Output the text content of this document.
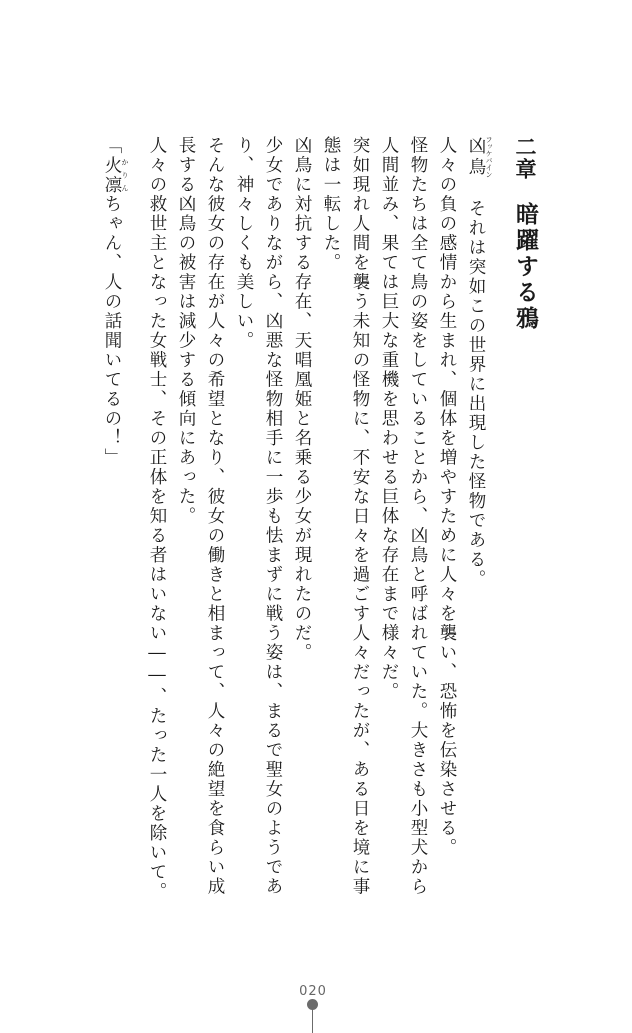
二章暗躍する鴉
凶鳥 フッケバイン それは突如この世界に出現した怪物である。
人々の負の感情から生まれ、個体を増やすために人々を襲い、恐怖を伝染させる。
怪物たちは全て鳥の姿をしていることから、凶鳥と呼ばれていた。大きさも小型犬から
人間並み、果ては巨大な重機を思わせる巨体な存在まで様々だ。
突如現れ人間を襲う未知の怪物に、不安な日々を過ごす人々だったが、ある日を境に事
態は一転した。
凶鳥に対抗する存在、天唱凰姫と名乗る少女が現れたのだ。
少女でありながら、凶悪な怪物相手に一歩も怯まずに戦う姿は、まるで聖女のようであ
り、神々しくも美しい。
そんな彼女の存在が人々の希望となり、彼女の働きと相まって、人々の絶望を食らい成
長する凶鳥の被害は減少する傾向にあった。
人々の救世主となった女戦士、その正体を知る者はいない――、たった一人を除いて。
「火凛 かりんちゃん、人の話聞いてるの！」
020
